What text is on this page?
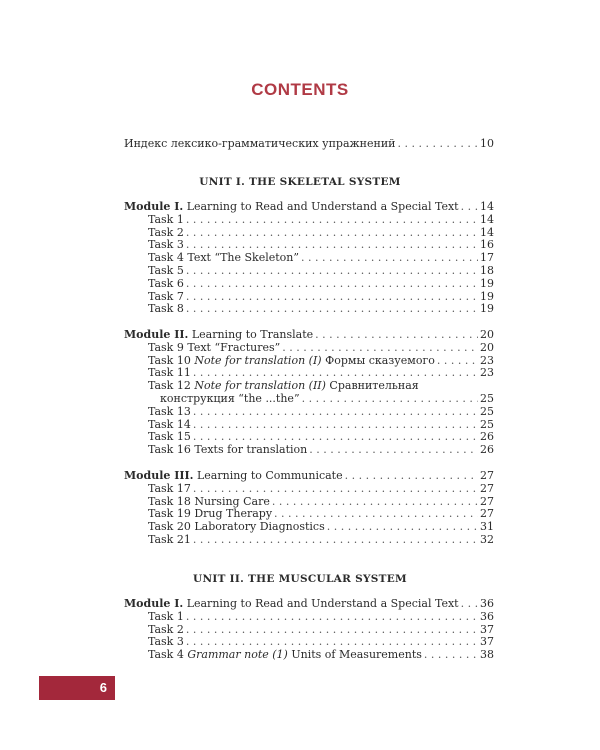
CONTENTS
Индекс лексико-грамматических упражнений . . .	10
UNIT I. THE SKELETAL SYSTEM
Module I. Learning to Read and Understand a Special Text . . . 14
Task 1 . . .	14
Task 2 . . .	14
Task 3 . . .	16
Task 4 Text “The Skeleton” . . .	17
Task 5 . . .	18
Task 6 . . .	19
Task 7 . . .	19
Task 8 . . .	19
Module II. Learning to Translate . . .	20
Task 9 Text “Fractures” . . .	20
Task 10 Note for translation (I) Формы сказуемого . . .	23
Task 11 . . .	23
Task 12 Note for translation (II) Сравнительная
конструкция “the ...the” . . .	25
Task 13 . . .	25
Task 14 . . .	25
Task 15 . . .	26
Task 16 Texts for translation . . .	26
Module III. Learning to Communicate . . .	27
Task 17 . . .	27
Task 18 Nursing Care . . .	27
Task 19 Drug Therapy . . .	27
Task 20 Laboratory Diagnostics . . .	31
Task 21 . . .	32
UNIT II. THE MUSCULAR SYSTEM
Module I. Learning to Read and Understand a Special Text . . . 36
Task 1 . . .	36
Task 2 . . .	37
Task 3 . . .	37
Task 4 Grammar note (1) Units of Measurements . . .	38
6
